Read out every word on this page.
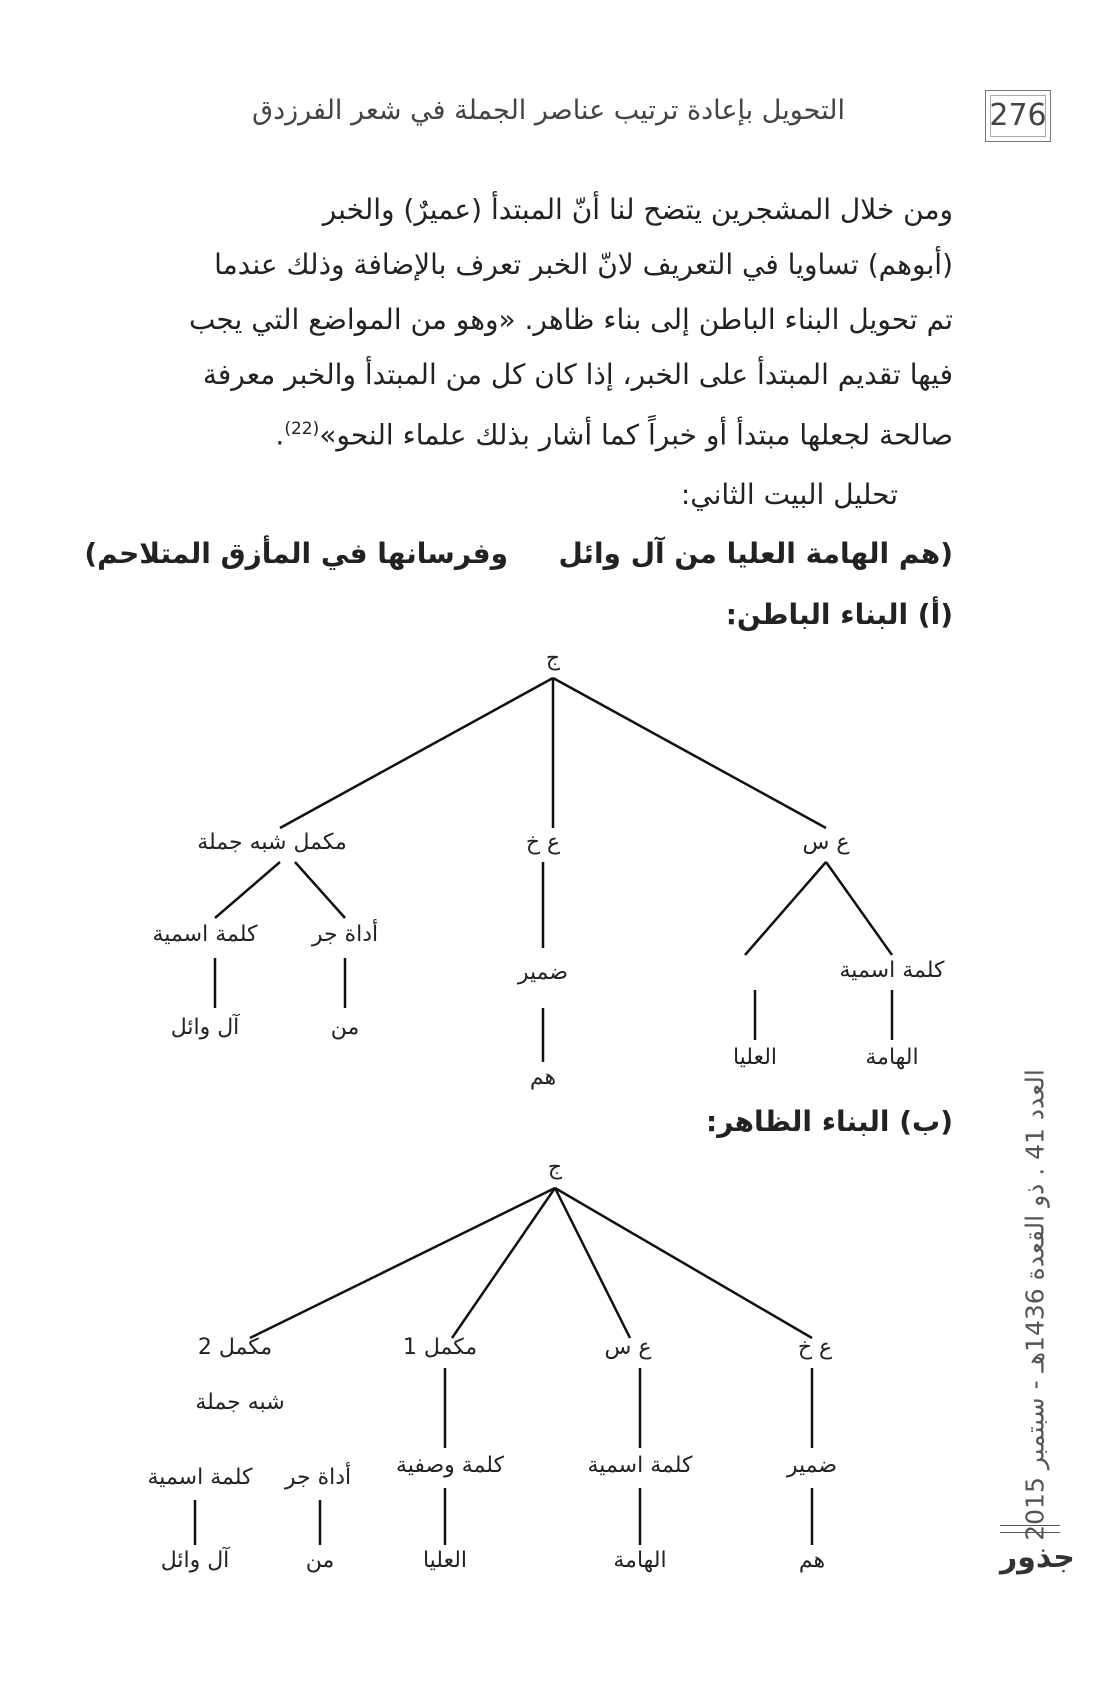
التحويل بإعادة ترتيب عناصر الجملة في شعر الفرزدق	276

ومن خلال المشجرين يتضح لنا أنّ المبتدأ (عميرٌ) والخبر

(أبوهم) تساويا في التعريف لانّ الخبر تعرف بالإضافة وذلك عندما

تم تحويل البناء الباطن إلى بناء ظاهر. «وهو من المواضع التي يجب

فيها تقديم المبتدأ على الخبر، إذا كان كل من المبتدأ والخبر معرفة

صالحة لجعلها مبتدأ أو خبراً كما أشار بذلك علماء النحو»$^{(22)}$.

تحليل البيت الثاني:
(هم الهامة العليا من آل وائل
وفرسانها في المأزق المتلاحم)
(أ) البناء الباطن:
(ب) البناء الظاهر:
ج
ع س
ع خ
مكمل شبه جملة
كلمة اسمية
الهامة
العليا
ضمير
هم
أداة جر
من
كلمة اسمية
آل وائل
ج
ع خ
ع س
مكمل 1
مكمل 2
شبه جملة
ضمير
هم
كلمة اسمية
الهامة
كلمة وصفية
العليا
أداة جر
من
كلمة اسمية
آل وائل
العدد 41 . ذو القعدة 1436هـ - سبتمبر 2015
جذور
